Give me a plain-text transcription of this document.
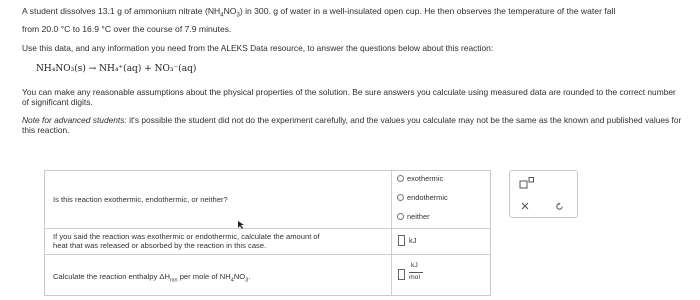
A student dissolves 13.1 g of ammonium nitrate $(NH_4NO_3)$ in 300. g of water in a well-insulated open cup. He then observes the temperature of the water fall
from 20.0 °C to 16.9 °C over the course of 7.9 minutes.
Use this data, and any information you need from the ALEKS Data resource, to answer the questions below about this reaction:
NH₄NO₃(s) → NH₄⁺(aq) + NO₃⁻(aq)
You can make any reasonable assumptions about the physical properties of the solution. Be sure answers you calculate using measured data are rounded to the correct number of significant digits.
Note for advanced students: it's possible the student did not do the experiment carefully, and the values you calculate may not be the same as the known and published values for this reaction.
Is this reaction exothermic, endothermic, or neither?
exothermic
endothermic
neither
If you said the reaction was exothermic or endothermic, calculate the amount of
heat that was released or absorbed by the reaction in this case.
kJ
Calculate the reaction enthalpy $\Delta H_{rxn}$ per mole of $NH_4NO_3$.
kJ
mol
